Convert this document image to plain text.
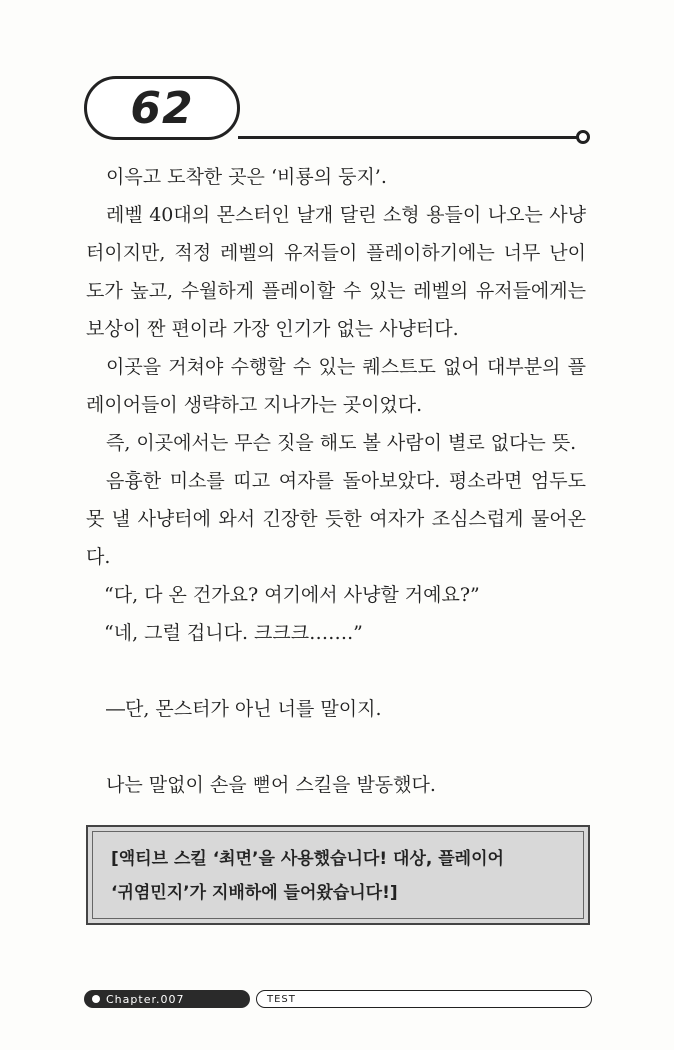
62

이윽고 도착한 곳은 ‘비룡의 둥지’.

레벨 40대의 몬스터인 날개 달린 소형 용들이 나오는 사냥터이지만, 적정 레벨의 유저들이 플레이하기에는 너무 난이도가 높고, 수월하게 플레이할 수 있는 레벨의 유저들에게는 보상이 짠 편이라 가장 인기가 없는 사냥터다.

이곳을 거쳐야 수행할 수 있는 퀘스트도 없어 대부분의 플레이어들이 생략하고 지나가는 곳이었다.

즉, 이곳에서는 무슨 짓을 해도 볼 사람이 별로 없다는 뜻.

음흉한 미소를 띠고 여자를 돌아보았다. 평소라면 엄두도 못 낼 사냥터에 와서 긴장한 듯한 여자가 조심스럽게 물어온다.

“다, 다 온 건가요? 여기에서 사냥할 거예요?”

“네, 그럴 겁니다. 크크크…….”

―단, 몬스터가 아닌 너를 말이지.

나는 말없이 손을 뻗어 스킬을 발동했다.

[액티브 스킬 ‘최면’을 사용했습니다! 대상, 플레이어
‘귀염민지’가 지배하에 들어왔습니다!]
Chapter.007	TEST
